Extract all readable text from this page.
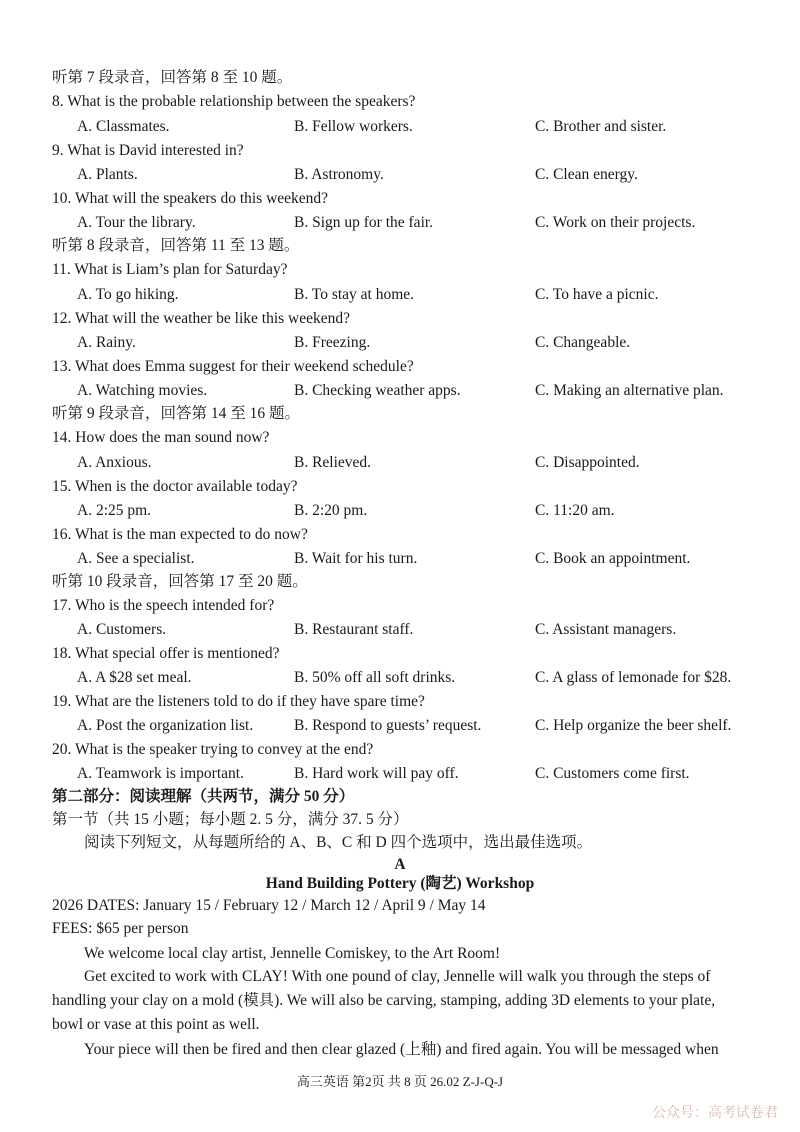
听第 7 段录音，回答第 8 至 10 题。
8. What is the probable relationship between the speakers?
A. Classmates.	B. Fellow workers.	C. Brother and sister.
9. What is David interested in?
A. Plants.	B. Astronomy.	C. Clean energy.
10. What will the speakers do this weekend?
A. Tour the library.	B. Sign up for the fair.	C. Work on their projects.
听第 8 段录音，回答第 11 至 13 题。
11. What is Liam’s plan for Saturday?
A. To go hiking.	B. To stay at home.	C. To have a picnic.
12. What will the weather be like this weekend?
A. Rainy.	B. Freezing.	C. Changeable.
13. What does Emma suggest for their weekend schedule?
A. Watching movies.	B. Checking weather apps.	C. Making an alternative plan.
听第 9 段录音，回答第 14 至 16 题。
14. How does the man sound now?
A. Anxious.	B. Relieved.	C. Disappointed.
15. When is the doctor available today?
A. 2:25 pm.	B. 2:20 pm.	C. 11:20 am.
16. What is the man expected to do now?
A. See a specialist.	B. Wait for his turn.	C. Book an appointment.
听第 10 段录音，回答第 17 至 20 题。
17. Who is the speech intended for?
A. Customers.	B. Restaurant staff.	C. Assistant managers.
18. What special offer is mentioned?
A. A $28 set meal.	B. 50% off all soft drinks.	C. A glass of lemonade for $28.
19. What are the listeners told to do if they have spare time?
A. Post the organization list.	B. Respond to guests’ request.	C. Help organize the beer shelf.
20. What is the speaker trying to convey at the end?
A. Teamwork is important.	B. Hard work will pay off.	C. Customers come first.
第二部分：阅读理解（共两节，满分 50 分）
第一节（共 15 小题；每小题 2. 5 分，满分 37. 5 分）
阅读下列短文，从每题所给的 A、B、C 和 D 四个选项中，选出最佳选项。
A
Hand Building Pottery (陶艺) Workshop
2026 DATES: January 15 / February 12 / March 12 / April 9 / May 14
FEES: $65 per person
We welcome local clay artist, Jennelle Comiskey, to the Art Room!
Get excited to work with CLAY! With one pound of clay, Jennelle will walk you through the steps of
handling your clay on a mold (模具). We will also be carving, stamping, adding 3D elements to your plate,
bowl or vase at this point as well.
Your piece will then be fired and then clear glazed (上釉) and fired again. You will be messaged when
高三英语 第2页 共 8 页 26.02 Z-J-Q-J
公众号：高考试卷君
